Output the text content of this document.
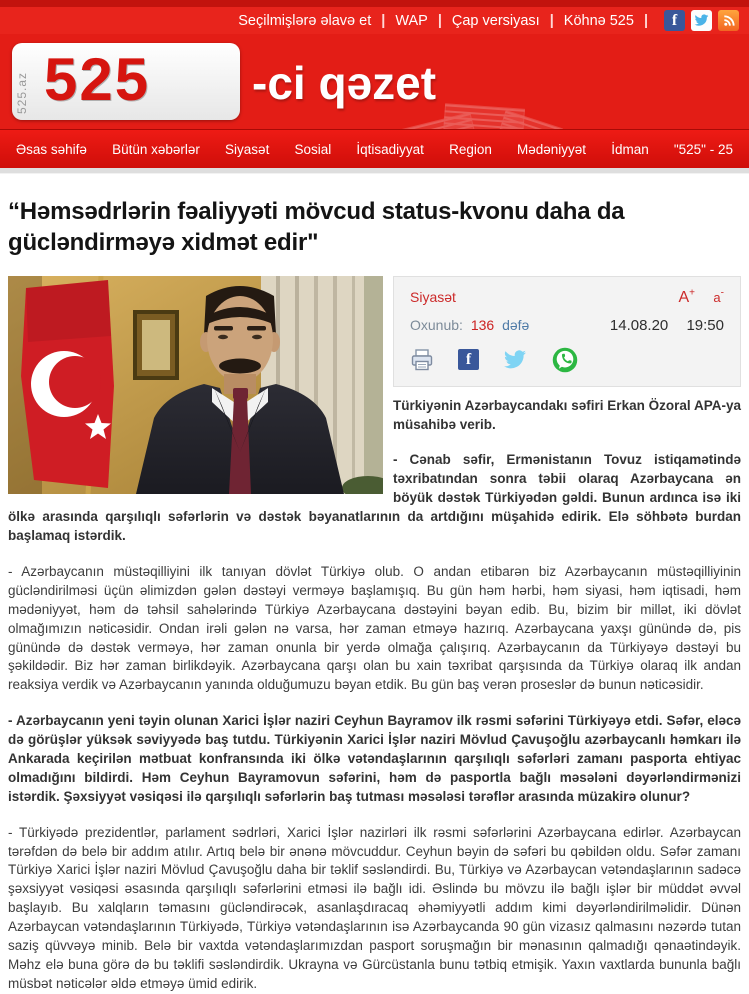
Seçilmişlərə əlavə et | WAP | Çap versiyası | Köhnə 525 |
f
525.az 525 -ci qəzet
Əsas səhifə Bütün xəbərlər Siyasət Sosial İqtisadiyyat Region Mədəniyyət İdman "525" - 25
“Həmsədrlərin fəaliyyəti mövcud status-kvonu daha da gücləndirməyə xidmət edir"
Siyasət	A+ a-
Oxunub: 136 dəfə	14.08.20 19:50
f

Türkiyənin Azərbaycandakı səfiri Erkan Özoral APA-ya müsahibə verib.

- Cənab səfir, Ermənistanın Tovuz istiqamətində təxribatından sonra təbii olaraq Azərbaycana ən böyük dəstək Türkiyədən gəldi. Bunun ardınca isə iki ölkə arasında qarşılıqlı səfərlərin və dəstək bəyanatlarının da artdığını müşahidə edirik. Elə söhbətə burdan başlamaq istərdik.

- Azərbaycanın müstəqilliyini ilk tanıyan dövlət Türkiyə olub. O andan etibarən biz Azərbaycanın müstəqilliyinin gücləndirilməsi üçün əlimizdən gələn dəstəyi verməyə başlamışıq. Bu gün həm hərbi, həm siyasi, həm iqtisadi, həm mədəniyyət, həm də təhsil sahələrində Türkiyə Azərbaycana dəstəyini bəyan edib. Bu, bizim bir millət, iki dövlət olmağımızın nəticəsidir. Ondan irəli gələn nə varsa, hər zaman etməyə hazırıq. Azərbaycana yaxşı günündə də, pis günündə də dəstək verməyə, hər zaman onunla bir yerdə olmağa çalışırıq. Azərbaycanın da Türkiyəyə dəstəyi bu şəkildədir. Biz hər zaman birlikdəyik. Azərbaycana qarşı olan bu xain təxribat qarşısında da Türkiyə olaraq ilk andan reaksiya verdik və Azərbaycanın yanında olduğumuzu bəyan etdik. Bu gün baş verən proseslər də bunun nəticəsidir.

- Azərbaycanın yeni təyin olunan Xarici İşlər naziri Ceyhun Bayramov ilk rəsmi səfərini Türkiyəyə etdi. Səfər, eləcə də görüşlər yüksək səviyyədə baş tutdu. Türkiyənin Xarici İşlər naziri Mövlud Çavuşoğlu azərbaycanlı həmkarı ilə Ankarada keçirilən mətbuat konfransında iki ölkə vətəndaşlarının qarşılıqlı səfərləri zamanı pasporta ehtiyac olmadığını bildirdi. Həm Ceyhun Bayramovun səfərini, həm də pasportla bağlı məsələni dəyərləndirmənizi istərdik. Şəxsiyyət vəsiqəsi ilə qarşılıqlı səfərlərin baş tutması məsələsi tərəflər arasında müzakirə olunur?

- Türkiyədə prezidentlər, parlament sədrləri, Xarici İşlər nazirləri ilk rəsmi səfərlərini Azərbaycana edirlər. Azərbaycan tərəfdən də belə bir addım atılır. Artıq belə bir ənənə mövcuddur. Ceyhun bəyin də səfəri bu qəbildən oldu. Səfər zamanı Türkiyə Xarici İşlər naziri Mövlud Çavuşoğlu daha bir təklif səsləndirdi. Bu, Türkiyə və Azərbaycan vətəndaşlarının sadəcə şəxsiyyət vəsiqəsi əsasında qarşılıqlı səfərlərini etməsi ilə bağlı idi. Əslində bu mövzu ilə bağlı işlər bir müddət əvvəl başlayıb. Bu xalqların təmasını gücləndirəcək, asanlaşdıracaq əhəmiyyətli addım kimi dəyərləndirilməlidir. Dünən Azərbaycan vətəndaşlarının Türkiyədə, Türkiyə vətəndaşlarının isə Azərbaycanda 90 gün vizasız qalmasını nəzərdə tutan saziş qüvvəyə minib. Belə bir vaxtda vətəndaşlarımızdan pasport soruşmağın bir mənasının qalmadığı qənaətindəyik. Məhz elə buna görə də bu təklifi səsləndirdik. Ukrayna və Gürcüstanla bunu tətbiq etmişik. Yaxın vaxtlarda bununla bağlı müsbət nəticələr əldə etməyə ümid edirik.
